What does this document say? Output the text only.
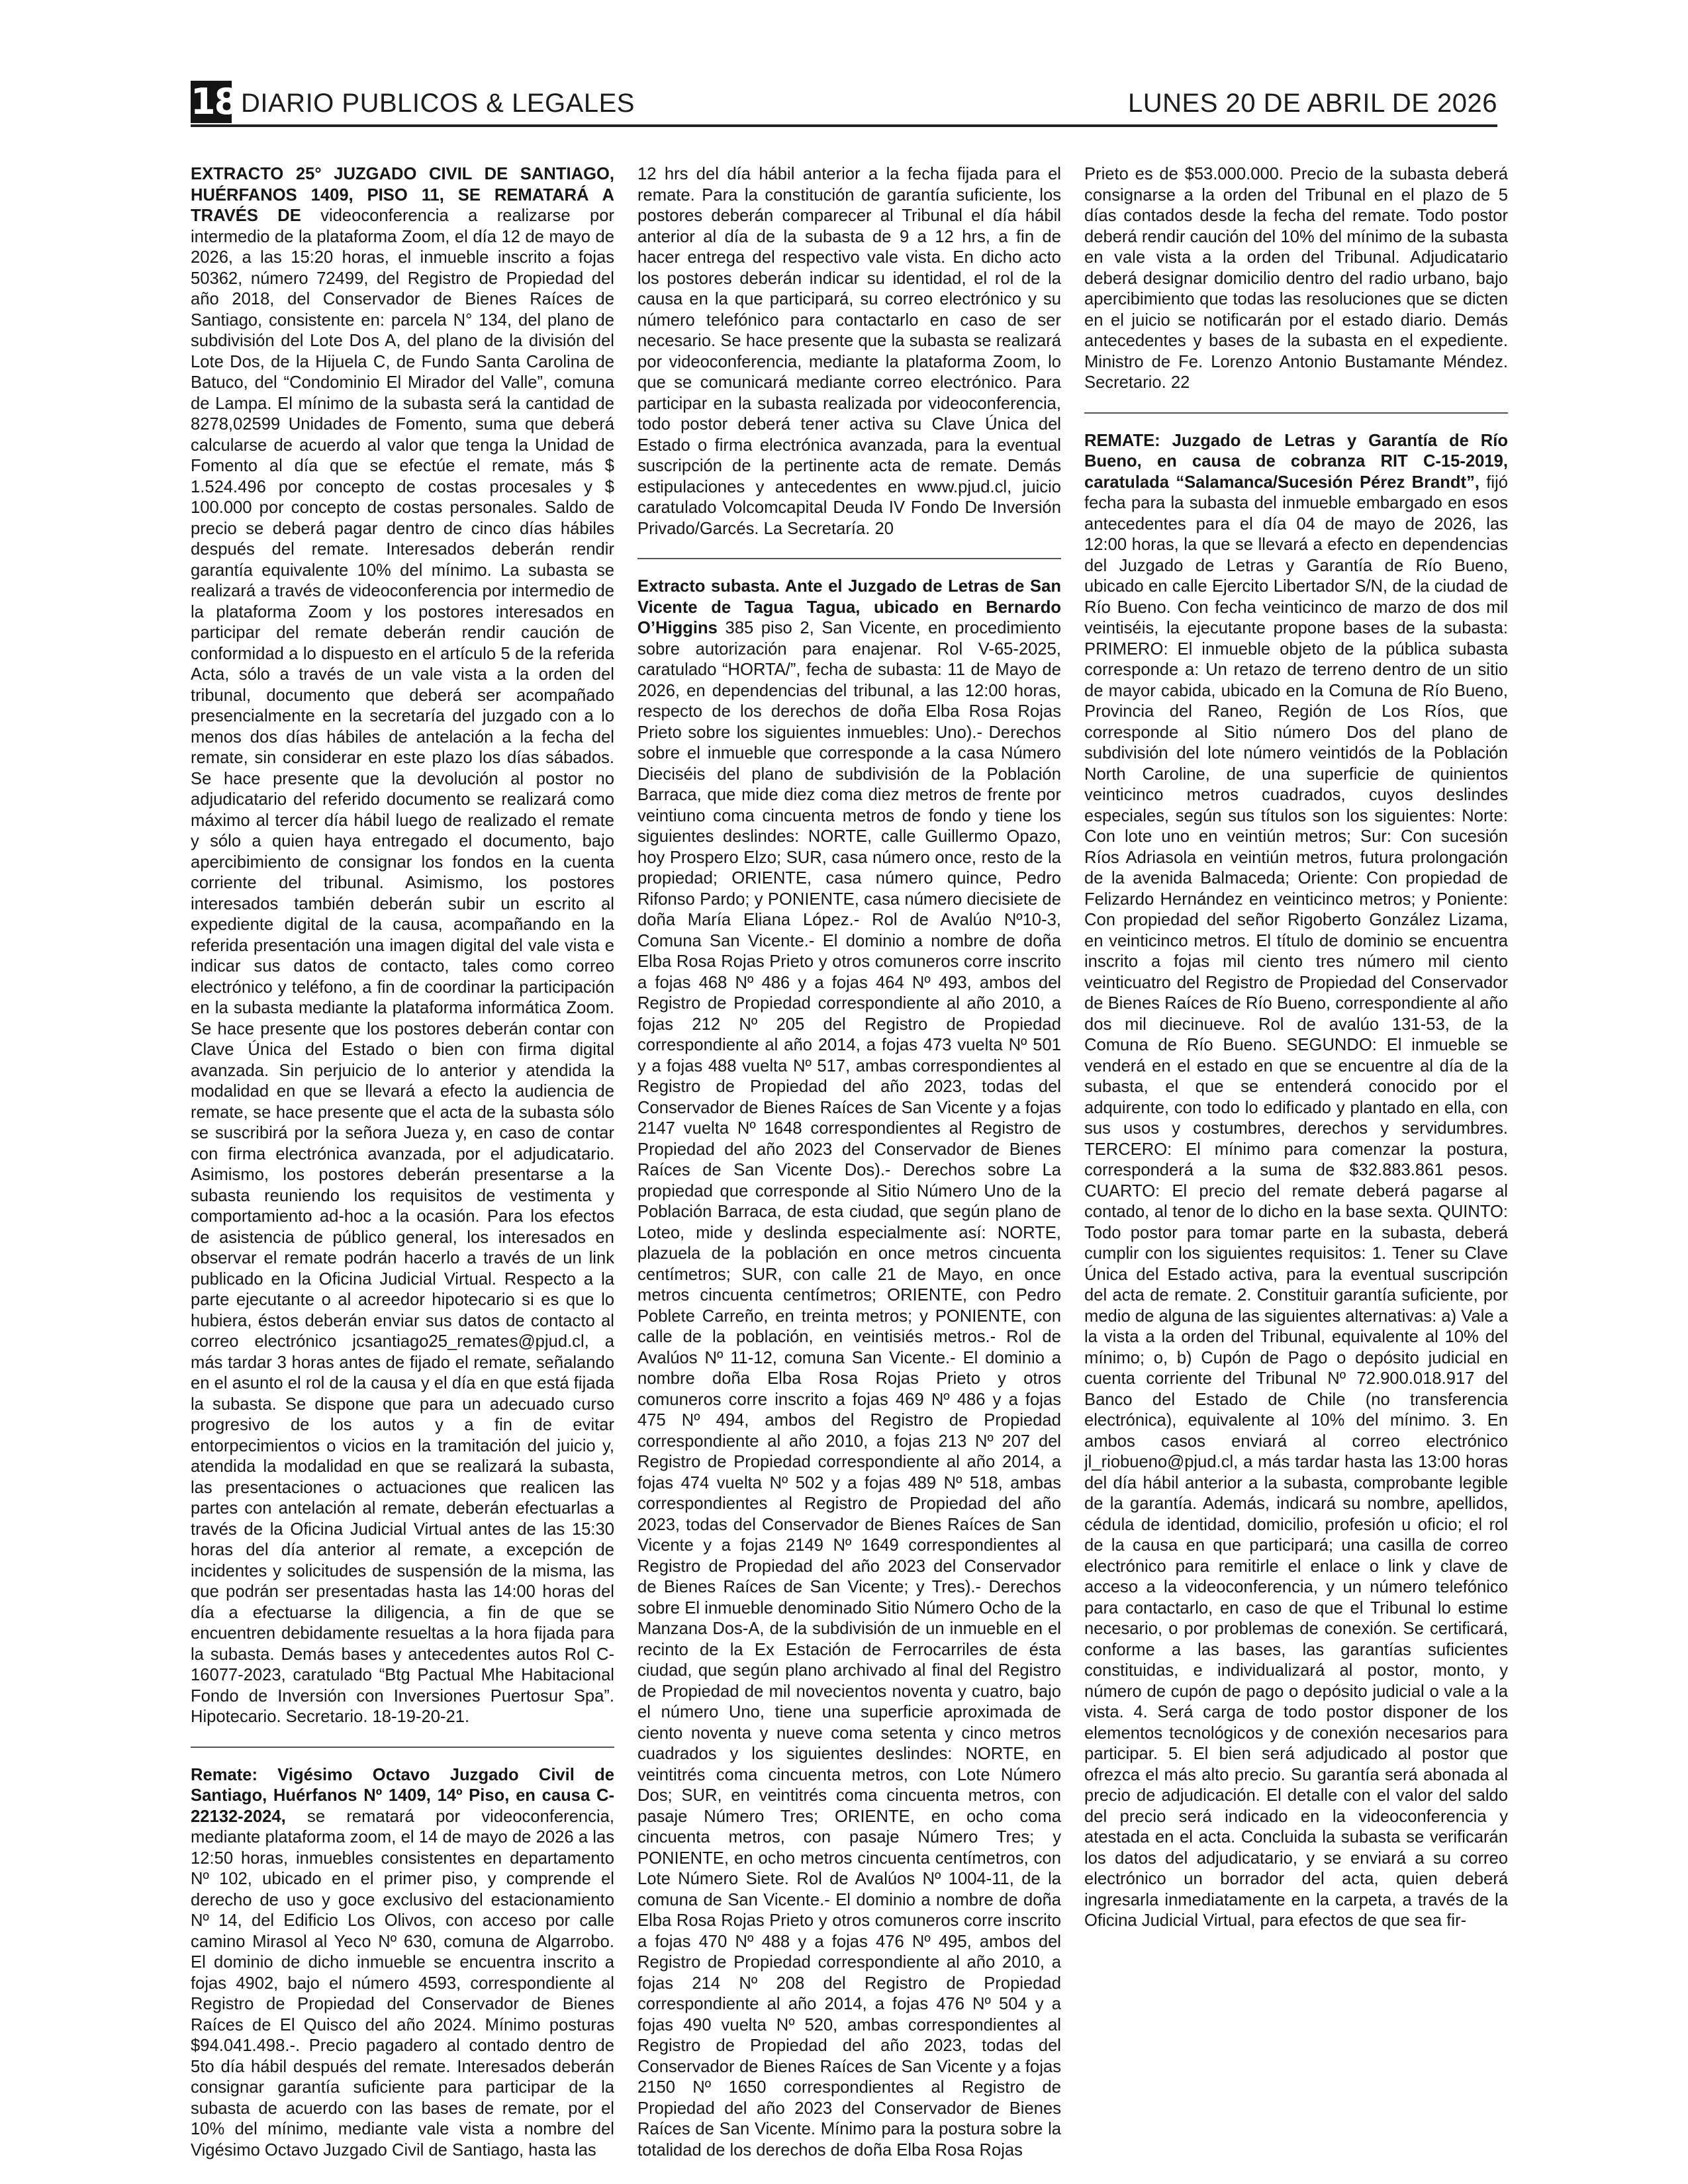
18 DIARIO PUBLICOS & LEGALES	LUNES 20 DE ABRIL DE 2026

EXTRACTO 25° JUZGADO CIVIL DE SANTIAGO, HUÉRFANOS 1409, PISO 11, SE REMATARÁ A TRAVÉS DE videoconferencia a realizarse por intermedio de la plataforma Zoom, el día 12 de mayo de 2026, a las 15:20 horas, el inmueble inscrito a fojas 50362, número 72499, del Registro de Propiedad del año 2018, del Conservador de Bienes Raíces de Santiago, consistente en: parcela N° 134, del plano de subdivisión del Lote Dos A, del plano de la división del Lote Dos, de la Hijuela C, de Fundo Santa Carolina de Batuco, del “Condominio El Mirador del Valle”, comuna de Lampa. El mínimo de la subasta será la cantidad de 8278,02599 Unidades de Fomento, suma que deberá calcularse de acuerdo al valor que tenga la Unidad de Fomento al día que se efectúe el remate, más $ 1.524.496 por concepto de costas procesales y $ 100.000 por concepto de costas personales. Saldo de precio se deberá pagar dentro de cinco días hábiles después del remate. Interesados deberán rendir garantía equivalente 10% del mínimo. La subasta se realizará a través de videoconferencia por intermedio de la plataforma Zoom y los postores interesados en participar del remate deberán rendir caución de conformidad a lo dispuesto en el artículo 5 de la referida Acta, sólo a través de un vale vista a la orden del tribunal, documento que deberá ser acompañado presencialmente en la secretaría del juzgado con a lo menos dos días hábiles de antelación a la fecha del remate, sin considerar en este plazo los días sábados. Se hace presente que la devolución al postor no adjudicatario del referido documento se realizará como máximo al tercer día hábil luego de realizado el remate y sólo a quien haya entregado el documento, bajo apercibimiento de consignar los fondos en la cuenta corriente del tribunal. Asimismo, los postores interesados también deberán subir un escrito al expediente digital de la causa, acompañando en la referida presentación una imagen digital del vale vista e indicar sus datos de contacto, tales como correo electrónico y teléfono, a fin de coordinar la participación en la subasta mediante la plataforma informática Zoom. Se hace presente que los postores deberán contar con Clave Única del Estado o bien con firma digital avanzada. Sin perjuicio de lo anterior y atendida la modalidad en que se llevará a efecto la audiencia de remate, se hace presente que el acta de la subasta sólo se suscribirá por la señora Jueza y, en caso de contar con firma electrónica avanzada, por el adjudicatario. Asimismo, los postores deberán presentarse a la subasta reuniendo los requisitos de vestimenta y comportamiento ad-hoc a la ocasión. Para los efectos de asistencia de público general, los interesados en observar el remate podrán hacerlo a través de un link publicado en la Oficina Judicial Virtual. Respecto a la parte ejecutante o al acreedor hipotecario si es que lo hubiera, éstos deberán enviar sus datos de contacto al correo electrónico jcsantiago25_remates@pjud.cl, a más tardar 3 horas antes de fijado el remate, señalando en el asunto el rol de la causa y el día en que está fijada la subasta. Se dispone que para un adecuado curso progresivo de los autos y a fin de evitar entorpecimientos o vicios en la tramitación del juicio y, atendida la modalidad en que se realizará la subasta, las presentaciones o actuaciones que realicen las partes con antelación al remate, deberán efectuarlas a través de la Oficina Judicial Virtual antes de las 15:30 horas del día anterior al remate, a excepción de incidentes y solicitudes de suspensión de la misma, las que podrán ser presentadas hasta las 14:00 horas del día a efectuarse la diligencia, a fin de que se encuentren debidamente resueltas a la hora fijada para la subasta. Demás bases y antecedentes autos Rol C-16077-2023, caratulado “Btg Pactual Mhe Habitacional Fondo de Inversión con Inversiones Puertosur Spa”. Hipotecario. Secretario. 18-19-20-21.

Remate: Vigésimo Octavo Juzgado Civil de Santiago, Huérfanos Nº 1409, 14º Piso, en causa C-22132-2024, se rematará por videoconferencia, mediante plataforma zoom, el 14 de mayo de 2026 a las 12:50 horas, inmuebles consistentes en departamento Nº 102, ubicado en el primer piso, y comprende el derecho de uso y goce exclusivo del estacionamiento Nº 14, del Edificio Los Olivos, con acceso por calle camino Mirasol al Yeco Nº 630, comuna de Algarrobo. El dominio de dicho inmueble se encuentra inscrito a fojas 4902, bajo el número 4593, correspondiente al Registro de Propiedad del Conservador de Bienes Raíces de El Quisco del año 2024. Mínimo posturas $94.041.498.-. Precio pagadero al contado dentro de 5to día hábil después del remate. Interesados deberán consignar garantía suficiente para participar de la subasta de acuerdo con las bases de remate, por el 10% del mínimo, mediante vale vista a nombre del Vigésimo Octavo Juzgado Civil de Santiago, hasta las

12 hrs del día hábil anterior a la fecha fijada para el remate. Para la constitución de garantía suficiente, los postores deberán comparecer al Tribunal el día hábil anterior al día de la subasta de 9 a 12 hrs, a fin de hacer entrega del respectivo vale vista. En dicho acto los postores deberán indicar su identidad, el rol de la causa en la que participará, su correo electrónico y su número telefónico para contactarlo en caso de ser necesario. Se hace presente que la subasta se realizará por videoconferencia, mediante la plataforma Zoom, lo que se comunicará mediante correo electrónico. Para participar en la subasta realizada por videoconferencia, todo postor deberá tener activa su Clave Única del Estado o firma electrónica avanzada, para la eventual suscripción de la pertinente acta de remate. Demás estipulaciones y antecedentes en www.pjud.cl, juicio caratulado Volcomcapital Deuda IV Fondo De Inversión Privado/Garcés. La Secretaría. 20

Extracto subasta. Ante el Juzgado de Letras de San Vicente de Tagua Tagua, ubicado en Bernardo O’Higgins 385 piso 2, San Vicente, en procedimiento sobre autorización para enajenar. Rol V-65-2025, caratulado “HORTA/”, fecha de subasta: 11 de Mayo de 2026, en dependencias del tribunal, a las 12:00 horas, respecto de los derechos de doña Elba Rosa Rojas Prieto sobre los siguientes inmuebles: Uno).- Derechos sobre el inmueble que corresponde a la casa Número Dieciséis del plano de subdivisión de la Población Barraca, que mide diez coma diez metros de frente por veintiuno coma cincuenta metros de fondo y tiene los siguientes deslindes: NORTE, calle Guillermo Opazo, hoy Prospero Elzo; SUR, casa número once, resto de la propiedad; ORIENTE, casa número quince, Pedro Rifonso Pardo; y PONIENTE, casa número diecisiete de doña María Eliana López.- Rol de Avalúo Nº10-3, Comuna San Vicente.- El dominio a nombre de doña Elba Rosa Rojas Prieto y otros comuneros corre inscrito a fojas 468 Nº 486 y a fojas 464 Nº 493, ambos del Registro de Propiedad correspondiente al año 2010, a fojas 212 Nº 205 del Registro de Propiedad correspondiente al año 2014, a fojas 473 vuelta Nº 501 y a fojas 488 vuelta Nº 517, ambas correspondientes al Registro de Propiedad del año 2023, todas del Conservador de Bienes Raíces de San Vicente y a fojas 2147 vuelta Nº 1648 correspondientes al Registro de Propiedad del año 2023 del Conservador de Bienes Raíces de San Vicente Dos).- Derechos sobre La propiedad que corresponde al Sitio Número Uno de la Población Barraca, de esta ciudad, que según plano de Loteo, mide y deslinda especialmente así: NORTE, plazuela de la población en once metros cincuenta centímetros; SUR, con calle 21 de Mayo, en once metros cincuenta centímetros; ORIENTE, con Pedro Poblete Carreño, en treinta metros; y PONIENTE, con calle de la población, en veintisiés metros.- Rol de Avalúos Nº 11-12, comuna San Vicente.- El dominio a nombre doña Elba Rosa Rojas Prieto y otros comuneros corre inscrito a fojas 469 Nº 486 y a fojas 475 Nº 494, ambos del Registro de Propiedad correspondiente al año 2010, a fojas 213 Nº 207 del Registro de Propiedad correspondiente al año 2014, a fojas 474 vuelta Nº 502 y a fojas 489 Nº 518, ambas correspondientes al Registro de Propiedad del año 2023, todas del Conservador de Bienes Raíces de San Vicente y a fojas 2149 Nº 1649 correspondientes al Registro de Propiedad del año 2023 del Conservador de Bienes Raíces de San Vicente; y Tres).- Derechos sobre El inmueble denominado Sitio Número Ocho de la Manzana Dos-A, de la subdivisión de un inmueble en el recinto de la Ex Estación de Ferrocarriles de ésta ciudad, que según plano archivado al final del Registro de Propiedad de mil novecientos noventa y cuatro, bajo el número Uno, tiene una superficie aproximada de ciento noventa y nueve coma setenta y cinco metros cuadrados y los siguientes deslindes: NORTE, en veintitrés coma cincuenta metros, con Lote Número Dos; SUR, en veintitrés coma cincuenta metros, con pasaje Número Tres; ORIENTE, en ocho coma cincuenta metros, con pasaje Número Tres; y PONIENTE, en ocho metros cincuenta centímetros, con Lote Número Siete. Rol de Avalúos Nº 1004-11, de la comuna de San Vicente.- El dominio a nombre de doña Elba Rosa Rojas Prieto y otros comuneros corre inscrito a fojas 470 Nº 488 y a fojas 476 Nº 495, ambos del Registro de Propiedad correspondiente al año 2010, a fojas 214 Nº 208 del Registro de Propiedad correspondiente al año 2014, a fojas 476 Nº 504 y a fojas 490 vuelta Nº 520, ambas correspondientes al Registro de Propiedad del año 2023, todas del Conservador de Bienes Raíces de San Vicente y a fojas 2150 Nº 1650 correspondientes al Registro de Propiedad del año 2023 del Conservador de Bienes Raíces de San Vicente. Mínimo para la postura sobre la totalidad de los derechos de doña Elba Rosa Rojas

Prieto es de $53.000.000. Precio de la subasta deberá consignarse a la orden del Tribunal en el plazo de 5 días contados desde la fecha del remate. Todo postor deberá rendir caución del 10% del mínimo de la subasta en vale vista a la orden del Tribunal. Adjudicatario deberá designar domicilio dentro del radio urbano, bajo apercibimiento que todas las resoluciones que se dicten en el juicio se notificarán por el estado diario. Demás antecedentes y bases de la subasta en el expediente. Ministro de Fe. Lorenzo Antonio Bustamante Méndez. Secretario. 22

REMATE: Juzgado de Letras y Garantía de Río Bueno, en causa de cobranza RIT C-15-2019, caratulada “Salamanca/Sucesión Pérez Brandt”, fijó fecha para la subasta del inmueble embargado en esos antecedentes para el día 04 de mayo de 2026, las 12:00 horas, la que se llevará a efecto en dependencias del Juzgado de Letras y Garantía de Río Bueno, ubicado en calle Ejercito Libertador S/N, de la ciudad de Río Bueno. Con fecha veinticinco de marzo de dos mil veintiséis, la ejecutante propone bases de la subasta: PRIMERO: El inmueble objeto de la pública subasta corresponde a: Un retazo de terreno dentro de un sitio de mayor cabida, ubicado en la Comuna de Río Bueno, Provincia del Raneo, Región de Los Ríos, que corresponde al Sitio número Dos del plano de subdivisión del lote número veintidós de la Población North Caroline, de una superficie de quinientos veinticinco metros cuadrados, cuyos deslindes especiales, según sus títulos son los siguientes: Norte: Con lote uno en veintiún metros; Sur: Con sucesión Ríos Adriasola en veintiún metros, futura prolongación de la avenida Balmaceda; Oriente: Con propiedad de Felizardo Hernández en veinticinco metros; y Poniente: Con propiedad del señor Rigoberto González Lizama, en veinticinco metros. El título de dominio se encuentra inscrito a fojas mil ciento tres número mil ciento veinticuatro del Registro de Propiedad del Conservador de Bienes Raíces de Río Bueno, correspondiente al año dos mil diecinueve. Rol de avalúo 131-53, de la Comuna de Río Bueno. SEGUNDO: El inmueble se venderá en el estado en que se encuentre al día de la subasta, el que se entenderá conocido por el adquirente, con todo lo edificado y plantado en ella, con sus usos y costumbres, derechos y servidumbres. TERCERO: El mínimo para comenzar la postura, corresponderá a la suma de $32.883.861 pesos. CUARTO: El precio del remate deberá pagarse al contado, al tenor de lo dicho en la base sexta. QUINTO: Todo postor para tomar parte en la subasta, deberá cumplir con los siguientes requisitos: 1. Tener su Clave Única del Estado activa, para la eventual suscripción del acta de remate. 2. Constituir garantía suficiente, por medio de alguna de las siguientes alternativas: a) Vale a la vista a la orden del Tribunal, equivalente al 10% del mínimo; o, b) Cupón de Pago o depósito judicial en cuenta corriente del Tribunal Nº 72.900.018.917 del Banco del Estado de Chile (no transferencia electrónica), equivalente al 10% del mínimo. 3. En ambos casos enviará al correo electrónico jl_riobueno@pjud.cl, a más tardar hasta las 13:00 horas del día hábil anterior a la subasta, comprobante legible de la garantía. Además, indicará su nombre, apellidos, cédula de identidad, domicilio, profesión u oficio; el rol de la causa en que participará; una casilla de correo electrónico para remitirle el enlace o link y clave de acceso a la videoconferencia, y un número telefónico para contactarlo, en caso de que el Tribunal lo estime necesario, o por problemas de conexión. Se certificará, conforme a las bases, las garantías suficientes constituidas, e individualizará al postor, monto, y número de cupón de pago o depósito judicial o vale a la vista. 4. Será carga de todo postor disponer de los elementos tecnológicos y de conexión necesarios para participar. 5. El bien será adjudicado al postor que ofrezca el más alto precio. Su garantía será abonada al precio de adjudicación. El detalle con el valor del saldo del precio será indicado en la videoconferencia y atestada en el acta. Concluida la subasta se verificarán los datos del adjudicatario, y se enviará a su correo electrónico un borrador del acta, quien deberá ingresarla inmediatamente en la carpeta, a través de la Oficina Judicial Virtual, para efectos de que sea fir-
